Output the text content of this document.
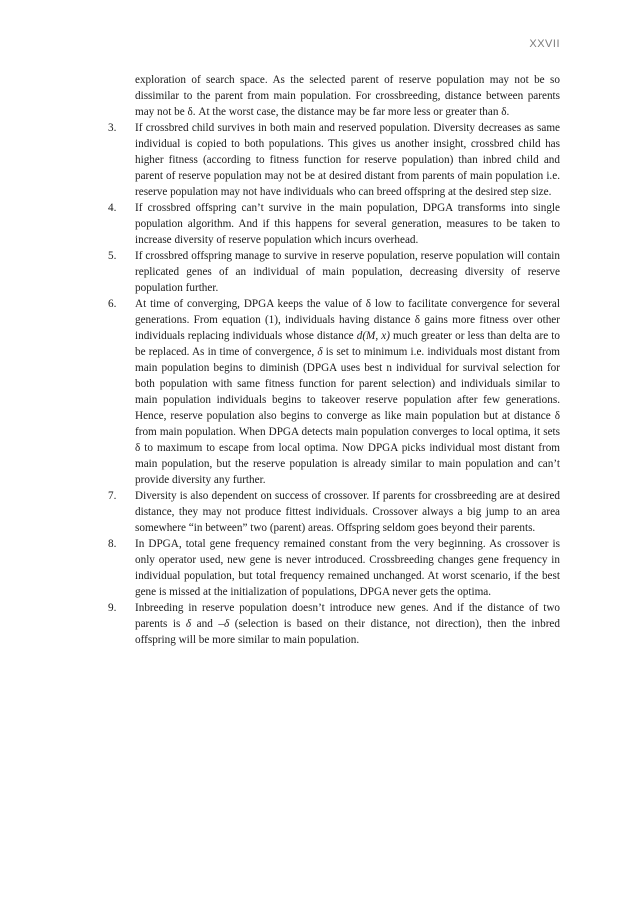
XXVII

exploration of search space. As the selected parent of reserve population may not be so dissimilar to the parent from main population. For crossbreeding, distance between parents may not be δ. At the worst case, the distance may be far more less or greater than δ.

3. If crossbred child survives in both main and reserved population. Diversity decreases as same individual is copied to both populations. This gives us another insight, crossbred child has higher fitness (according to fitness function for reserve population) than inbred child and parent of reserve population may not be at desired distant from parents of main population i.e. reserve population may not have individuals who can breed offspring at the desired step size.
4. If crossbred offspring can’t survive in the main population, DPGA transforms into single population algorithm. And if this happens for several generation, measures to be taken to increase diversity of reserve population which incurs overhead.
5. If crossbred offspring manage to survive in reserve population, reserve population will contain replicated genes of an individual of main population, decreasing diversity of reserve population further.
6. At time of converging, DPGA keeps the value of δ low to facilitate convergence for several generations. From equation (1), individuals having distance δ gains more fitness over other individuals replacing individuals whose distance d(M, x) much greater or less than delta are to be replaced. As in time of convergence, δ is set to minimum i.e. individuals most distant from main population begins to diminish (DPGA uses best n individual for survival selection for both population with same fitness function for parent selection) and individuals similar to main population individuals begins to takeover reserve population after few generations. Hence, reserve population also begins to converge as like main population but at distance δ from main population. When DPGA detects main population converges to local optima, it sets δ to maximum to escape from local optima. Now DPGA picks individual most distant from main population, but the reserve population is already similar to main population and can’t provide diversity any further.
7. Diversity is also dependent on success of crossover. If parents for crossbreeding are at desired distance, they may not produce fittest individuals. Crossover always a big jump to an area somewhere “in between” two (parent) areas. Offspring seldom goes beyond their parents.
8. In DPGA, total gene frequency remained constant from the very beginning. As crossover is only operator used, new gene is never introduced. Crossbreeding changes gene frequency in individual population, but total frequency remained unchanged. At worst scenario, if the best gene is missed at the initialization of populations, DPGA never gets the optima.
9. Inbreeding in reserve population doesn’t introduce new genes. And if the distance of two parents is δ and –δ (selection is based on their distance, not direction), then the inbred offspring will be more similar to main population.
